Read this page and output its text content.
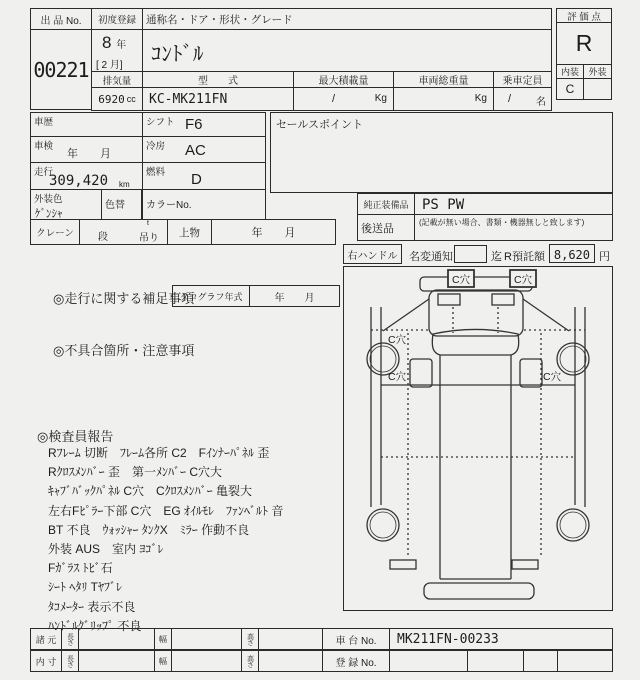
出 品 No.
00221
初度登録
8 年
[ 2 月]
通称名・ドア・形状・グレード
ｺﾝﾄﾞﾙ
評 価 点
R
内装 外装
C
排気量
6920 cc
型　　式
KC-MK211FN
最大積載量
/	Kg
車両総重量
Kg
乗車定員
/ 名
車歴	シフト F6
車検
年　　月
冷房 AC
走行
309,420 km
燃料 D
外装色
ｹﾞﾝｼｬ
色替 カラーNo.
セールスポイント
純正装備品 PS PW
後送品
(記載が無い場合、書類・機器無しと致します)
クレーン 段
t
吊り 上物	年　　月
右ハンドル 名変通知	迄 R預託額 8,620 円
◎走行に関する補足事項
タコグラフ年式	年　　月
◎不具合箇所・注意事項
◎検査員報告
Rﾌﾚｰﾑ 切断　ﾌﾚｰﾑ各所 C2　Fｲﾝﾅｰﾊﾟﾈﾙ 歪
Rｸﾛｽﾒﾝﾊﾞｰ 歪　第一ﾒﾝﾊﾞｰ C穴大
ｷｬﾌﾞﾊﾞｯｸﾊﾟﾈﾙ C穴　Cｸﾛｽﾒﾝﾊﾞｰ 亀裂大
左右Fﾋﾟﾗｰ下部 C穴　EG ｵｲﾙﾓﾚ　ﾌｧﾝﾍﾞﾙﾄ 音
BT 不良　ｳｫｯｼｬｰ ﾀﾝｸX　ﾐﾗｰ 作動不良
外装 AUS　室内 ﾖｺﾞﾚ
Fｶﾞﾗｽ ﾄﾋﾞ石
ｼｰﾄ ﾍﾀﾘ Tﾔﾌﾞﾚ
ﾀｺﾒｰﾀｰ 表示不良
ﾊﾝﾄﾞﾙｸﾞﾘｯﾌﾟ 不良
C穴	C穴
C穴
C穴	C穴
諸 元 長さ	幅	高さ	車 台 No. MK211FN-00233
内 寸 長さ	幅	高さ	登 録 No.
